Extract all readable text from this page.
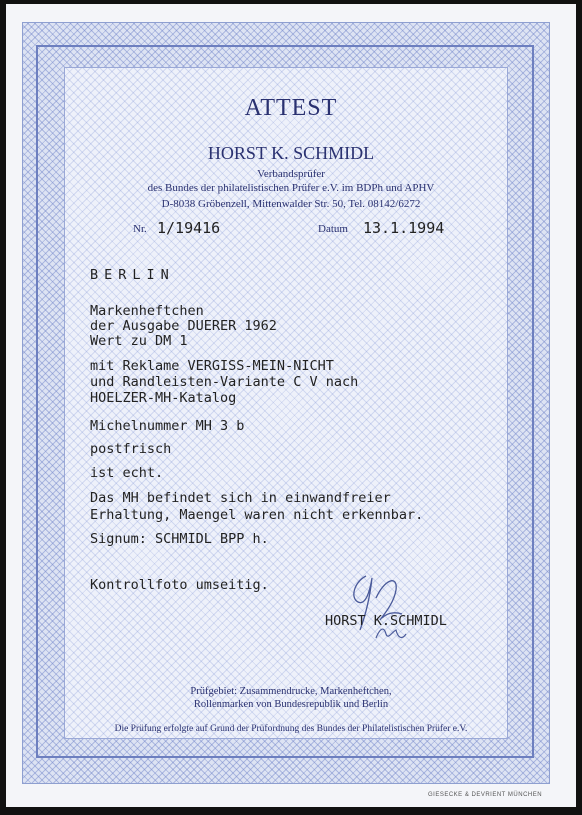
ATTEST
HORST K. SCHMIDL
Verbandsprüfer
des Bundes der philatelistischen Prüfer e.V. im BDPh und APHV
D-8038 Gröbenzell, Mittenwalder Str. 50, Tel. 08142/6272
Nr. 1/19416	Datum 13.1.1994
BERLIN
Markenheftchen
der Ausgabe DUERER 1962
Wert zu DM 1
mit Reklame VERGISS-MEIN-NICHT
und Randleisten-Variante C V nach
HOELZER-MH-Katalog
Michelnummer MH 3 b
postfrisch
ist echt.
Das MH befindet sich in einwandfreier
Erhaltung, Maengel waren nicht erkennbar.
Signum: SCHMIDL BPP h.
Kontrollfoto umseitig.
HORST K.SCHMIDL
Prüfgebiet: Zusammendrucke, Markenheftchen,
Rollenmarken von Bundesrepublik und Berlin
Die Prüfung erfolgte auf Grund der Prüfordnung des Bundes der Philatelistischen Prüfer e.V.
GIESECKE & DEVRIENT MÜNCHEN
